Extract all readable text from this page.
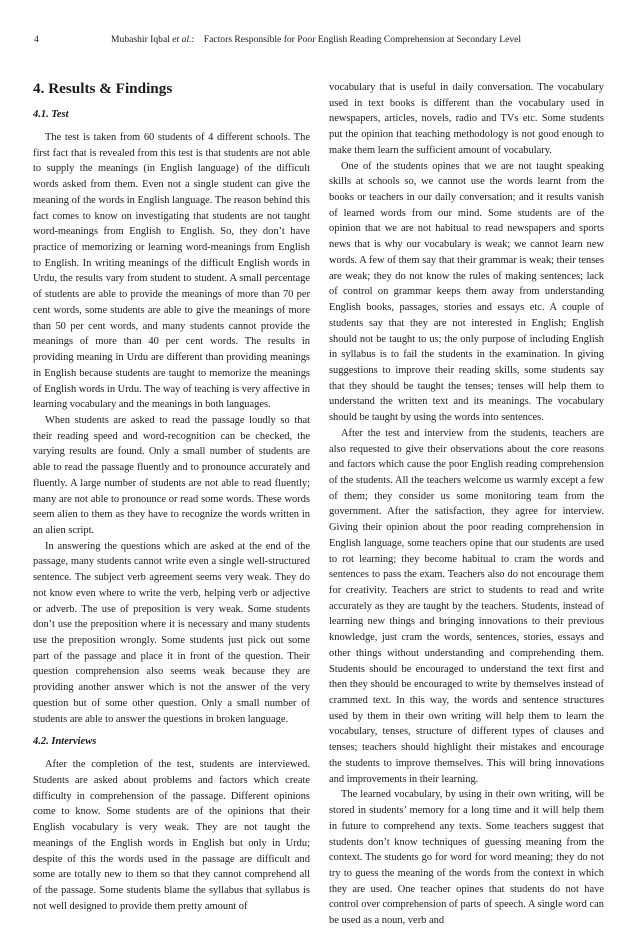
4	Mubashir Iqbal et al.: Factors Responsible for Poor English Reading Comprehension at Secondary Level
4. Results & Findings
4.1. Test

The test is taken from 60 students of 4 different schools. The first fact that is revealed from this test is that students are not able to supply the meanings (in English language) of the difficult words asked from them. Even not a single student can give the meaning of the words in English language. The reason behind this fact comes to know on investigating that students are not taught word-meanings from English to English. So, they don’t have practice of memorizing or learning word-meanings from English to English. In writing meanings of the difficult English words in Urdu, the results vary from student to student. A small percentage of students are able to provide the meanings of more than 70 per cent words, some students are able to give the meanings of more than 50 per cent words, and many students cannot provide the meanings of more than 40 per cent words. The results in providing meaning in Urdu are different than providing meanings in English because students are taught to memorize the meanings of English words in Urdu. The way of teaching is very affective in learning vocabulary and the meanings in both languages.

When students are asked to read the passage loudly so that their reading speed and word-recognition can be checked, the varying results are found. Only a small number of students are able to read the passage fluently and to pronounce accurately and fluently. A large number of students are not able to read fluently; many are not able to pronounce or read some words. These words seem alien to them as they have to recognize the words written in an alien script.

In answering the questions which are asked at the end of the passage, many students cannot write even a single well-structured sentence. The subject verb agreement seems very weak. They do not know even where to write the verb, helping verb or adjective or adverb. The use of preposition is very weak. Some students don’t use the preposition where it is necessary and many students use the preposition wrongly. Some students just pick out some part of the passage and place it in front of the question. Their question comprehension also seems weak because they are providing another answer which is not the answer of the very question but of some other question. Only a small number of students are able to answer the questions in broken language.

4.2. Interviews

After the completion of the test, students are interviewed. Students are asked about problems and factors which create difficulty in comprehension of the passage. Different opinions come to know. Some students are of the opinions that their English vocabulary is very weak. They are not taught the meanings of the English words in English but only in Urdu; despite of this the words used in the passage are difficult and some are totally new to them so that they cannot comprehend all of the passage. Some students blame the syllabus that syllabus is not well designed to provide them pretty amount of

vocabulary that is useful in daily conversation. The vocabulary used in text books is different than the vocabulary used in newspapers, articles, novels, radio and TVs etc. Some students put the opinion that teaching methodology is not good enough to make them learn the sufficient amount of vocabulary.

One of the students opines that we are not taught speaking skills at schools so, we cannot use the words learnt from the books or teachers in our daily conversation; and it results vanish of learned words from our mind. Some students are of the opinion that we are not habitual to read newspapers and sports news that is why our vocabulary is weak; we cannot learn new words. A few of them say that their grammar is weak; their tenses are weak; they do not know the rules of making sentences; lack of control on grammar keeps them away from understanding English books, passages, stories and essays etc. A couple of students say that they are not interested in English; English should not be taught to us; the only purpose of including English in syllabus is to fail the students in the examination. In giving suggestions to improve their reading skills, some students say that they should be taught the tenses; tenses will help them to understand the written text and its meanings. The vocabulary should be taught by using the words into sentences.

After the test and interview from the students, teachers are also requested to give their observations about the core reasons and factors which cause the poor English reading comprehension of the students. All the teachers welcome us warmly except a few of them; they consider us some monitoring team from the government. After the satisfaction, they agree for interview. Giving their opinion about the poor reading comprehension in English language, some teachers opine that our students are used to rot learning; they become habitual to cram the words and sentences to pass the exam. Teachers also do not encourage them for creativity. Teachers are strict to students to read and write accurately as they are taught by the teachers. Students, instead of learning new things and bringing innovations to their previous knowledge, just cram the words, sentences, stories, essays and other things without understanding and comprehending them. Students should be encouraged to understand the text first and then they should be encouraged to write by themselves instead of crammed text. In this way, the words and sentence structures used by them in their own writing will help them to learn the vocabulary, tenses, structure of different types of clauses and tenses; teachers should highlight their mistakes and encourage the students to improve themselves. This will bring innovations and improvements in their learning.

The learned vocabulary, by using in their own writing, will be stored in students’ memory for a long time and it will help them in future to comprehend any texts. Some teachers suggest that students don’t know techniques of guessing meaning from the context. The students go for word for word meaning; they do not try to guess the meaning of the words from the context in which they are used. One teacher opines that students do not have control over comprehension of parts of speech. A single word can be used as a noun, verb and
